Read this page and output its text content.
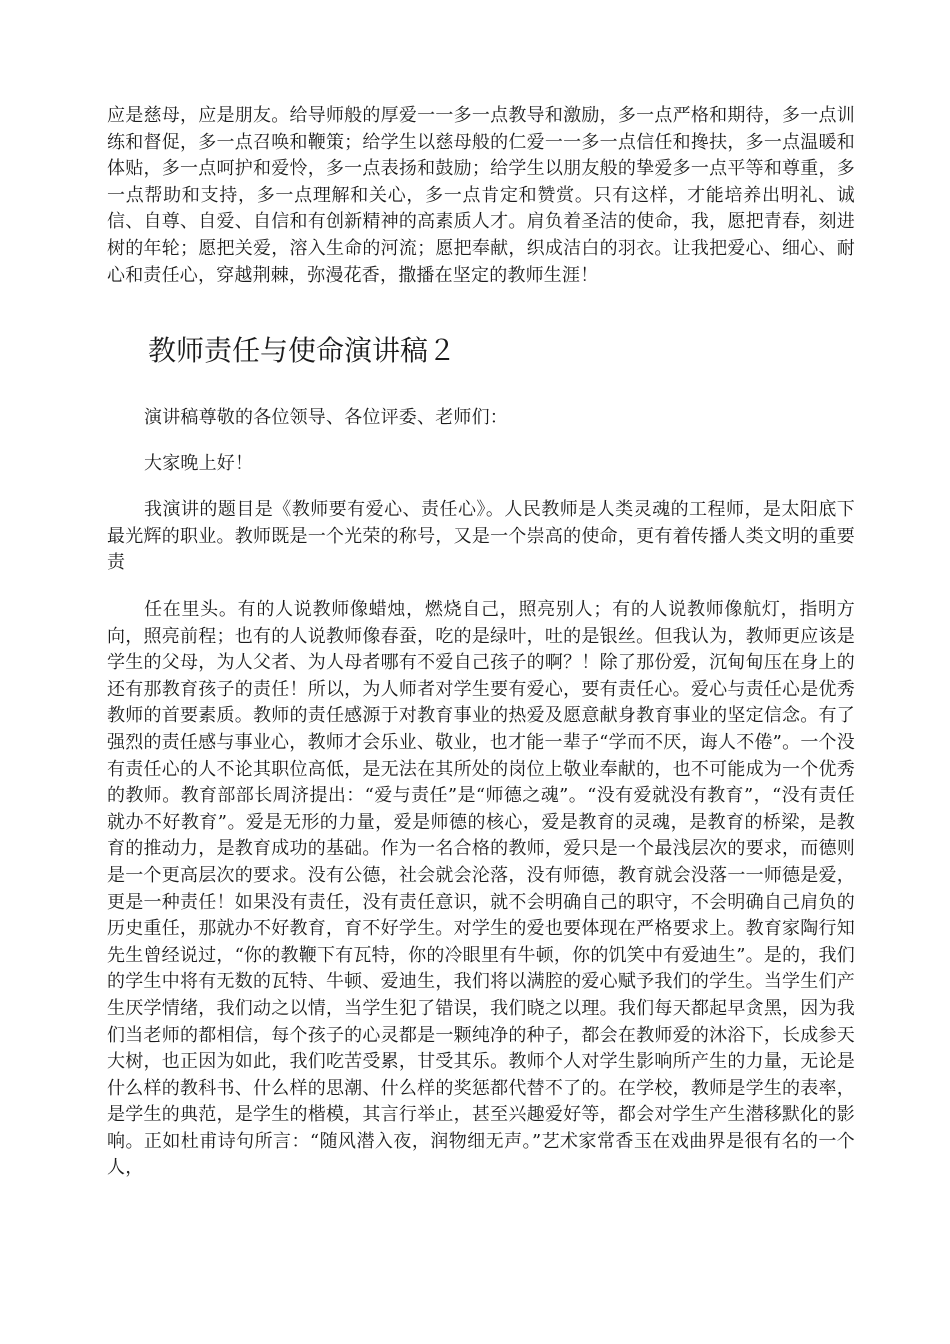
应是慈母，应是朋友。给导师般的厚爱一一多一点教导和激励，多一点严格和期待，多一点训练和督促，多一点召唤和鞭策；给学生以慈母般的仁爱一一多一点信任和搀扶，多一点温暖和体贴，多一点呵护和爱怜，多一点表扬和鼓励；给学生以朋友般的挚爱多一点平等和尊重，多一点帮助和支持，多一点理解和关心，多一点肯定和赞赏。只有这样，才能培养出明礼、诚信、自尊、自爱、自信和有创新精神的高素质人才。肩负着圣洁的使命，我，愿把青春，刻进树的年轮；愿把关爱，溶入生命的河流；愿把奉献，织成洁白的羽衣。让我把爱心、细心、耐心和责任心，穿越荆棘，弥漫花香，撒播在坚定的教师生涯！

教师责任与使命演讲稿２

演讲稿尊敬的各位领导、各位评委、老师们：

大家晚上好！

我演讲的题目是《教师要有爱心、责任心》。人民教师是人类灵魂的工程师，是太阳底下最光辉的职业。教师既是一个光荣的称号，又是一个崇高的使命，更有着传播人类文明的重要责

任在里头。有的人说教师像蜡烛，燃烧自己，照亮别人；有的人说教师像航灯，指明方向，照亮前程；也有的人说教师像春蚕，吃的是绿叶，吐的是银丝。但我认为，教师更应该是学生的父母，为人父者、为人母者哪有不爱自己孩子的啊？！除了那份爱，沉甸甸压在身上的还有那教育孩子的责任！所以，为人师者对学生要有爱心，要有责任心。爱心与责任心是优秀教师的首要素质。教师的责任感源于对教育事业的热爱及愿意献身教育事业的坚定信念。有了强烈的责任感与事业心，教师才会乐业、敬业，也才能一辈子“学而不厌，诲人不倦”。一个没有责任心的人不论其职位高低，是无法在其所处的岗位上敬业奉献的，也不可能成为一个优秀的教师。教育部部长周济提出：“爱与责任”是“师德之魂”。“没有爱就没有教育”，“没有责任就办不好教育”。爱是无形的力量，爱是师德的核心，爱是教育的灵魂，是教育的桥梁，是教育的推动力，是教育成功的基础。作为一名合格的教师，爱只是一个最浅层次的要求，而德则是一个更高层次的要求。没有公德，社会就会沦落，没有师德，教育就会没落一一师德是爱，更是一种责任！如果没有责任，没有责任意识，就不会明确自己的职守，不会明确自己肩负的历史重任，那就办不好教育，育不好学生。对学生的爱也要体现在严格要求上。教育家陶行知先生曾经说过，“你的教鞭下有瓦特，你的冷眼里有牛顿，你的饥笑中有爱迪生”。是的，我们的学生中将有无数的瓦特、牛顿、爱迪生，我们将以满腔的爱心赋予我们的学生。当学生们产生厌学情绪，我们动之以情，当学生犯了错误，我们晓之以理。我们每天都起早贪黑，因为我们当老师的都相信，每个孩子的心灵都是一颗纯净的种子，都会在教师爱的沐浴下，长成参天大树，也正因为如此，我们吃苦受累，甘受其乐。教师个人对学生影响所产生的力量，无论是什么样的教科书、什么样的思潮、什么样的奖惩都代替不了的。在学校，教师是学生的表率，是学生的典范，是学生的楷模，其言行举止，甚至兴趣爱好等，都会对学生产生潜移默化的影响。正如杜甫诗句所言：“随风潜入夜，润物细无声。”艺术家常香玉在戏曲界是很有名的一个人，
